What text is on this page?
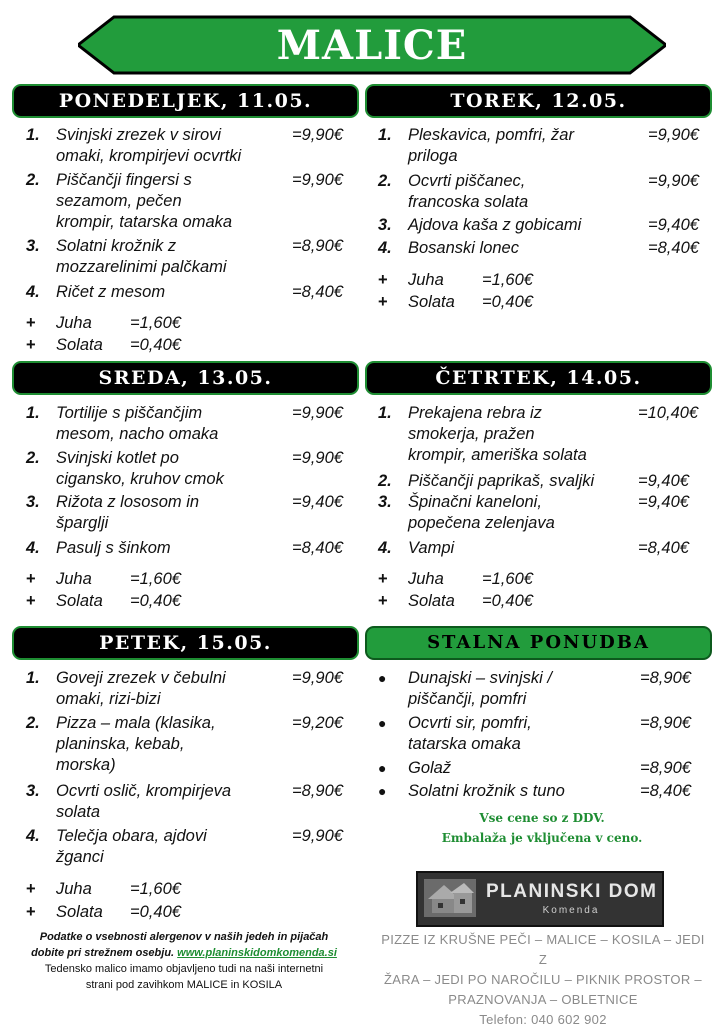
MALICE
PONEDELJEK, 11.05.
1. Svinjski zrezek v sirovi
omaki, krompirjevi ocvrtki
=9,90€
2. Piščančji fingersi s
sezamom, pečen
krompir, tatarska omaka
=9,90€
3. Solatni krožnik z
mozzarelinimi palčkami
=8,90€
4. Ričet z mesom	=8,40€
+ Juha =1,60€
+ Solata =0,40€
TOREK, 12.05.
1. Pleskavica, pomfri, žar
priloga
=9,90€
2. Ocvrti piščanec,
francoska solata
=9,90€
3. Ajdova kaša z gobicami	=9,40€
4. Bosanski lonec	=8,40€
+ Juha =1,60€
+ Solata =0,40€
SREDA, 13.05.
1. Tortilije s piščančjim
mesom, nacho omaka
=9,90€
2. Svinjski kotlet po
cigansko, kruhov cmok
=9,90€
3. Rižota z lososom in
šparglji
=9,40€
4. Pasulj s šinkom	=8,40€
+ Juha =1,60€
+ Solata =0,40€
ČETRTEK, 14.05.
1. Prekajena rebra iz
smokerja, pražen
krompir, ameriška solata
=10,40€
2. Piščančji paprikaš, svaljki	=9,40€
3. Špinačni kaneloni,
popečena zelenjava
=9,40€
4. Vampi	=8,40€
+ Juha =1,60€
+ Solata =0,40€
PETEK, 15.05.
1. Goveji zrezek v čebulni
omaki, rizi-bizi
=9,90€
2. Pizza – mala (klasika,
planinska, kebab,
morska)
=9,20€
3. Ocvrti oslič, krompirjeva
solata
=8,90€
4. Telečja obara, ajdovi
žganci
=9,90€
+ Juha =1,60€
+ Solata =0,40€
STALNA PONUDBA
● Dunajski – svinjski /
piščančji, pomfri
=8,90€
● Ocvrti sir, pomfri,
tatarska omaka
=8,90€
● Golaž	=8,90€
● Solatni krožnik s tuno	=8,40€
Vse cene so z DDV.
Embalaža je vključena v ceno.
PLANINSKI DOM
Komenda
Podatke o vsebnosti alergenov v naših jedeh in pijačah
dobite pri strežnem osebju. www.planinskidomkomenda.si
Tedensko malico imamo objavljeno tudi na naši internetni
strani pod zavihkom MALICE in KOSILA
PIZZE IZ KRUŠNE PEČI – MALICE – KOSILA – JEDI Z
ŽARA – JEDI PO NAROČILU – PIKNIK PROSTOR –
PRAZNOVANJA – OBLETNICE
Telefon: 040 602 902
